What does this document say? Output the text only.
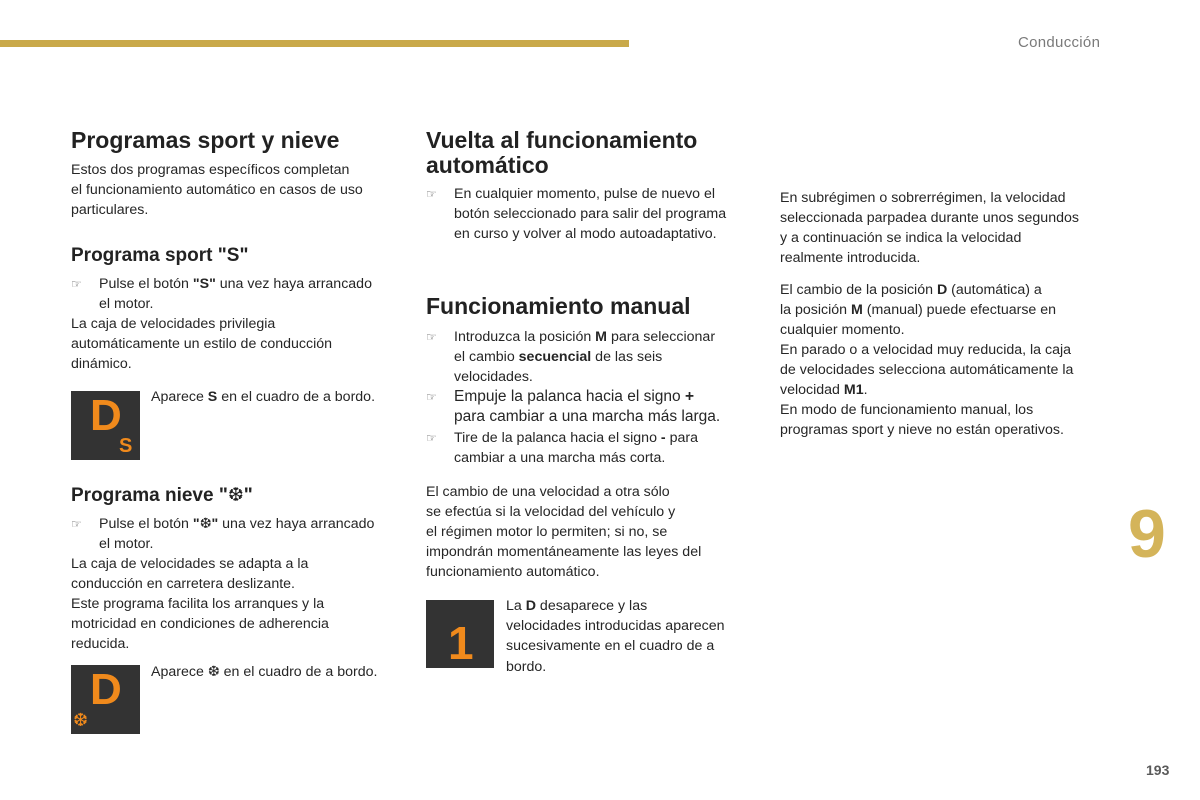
Conducción
9
193
Programas sport y nieve

Estos dos programas específicos completan

el funcionamiento automático en casos de uso

particulares.

Programa sport "S"
☞ Pulse el botón "S" una vez haya arrancado
el motor.

La caja de velocidades privilegia

automáticamente un estilo de conducción

dinámico.

D
S
Aparece S en el cuadro de a bordo.
Programa nieve "❆"
☞ Pulse el botón "❆" una vez haya arrancado
el motor.

La caja de velocidades se adapta a la

conducción en carretera deslizante.

Este programa facilita los arranques y la

motricidad en condiciones de adherencia

reducida.

D
❆
Aparece ❆ en el cuadro de a bordo.
Vuelta al funcionamiento
automático
☞ En cualquier momento, pulse de nuevo el
botón seleccionado para salir del programa
en curso y volver al modo autoadaptativo.
Funcionamiento manual
☞ Introduzca la posición M para seleccionar
el cambio secuencial de las seis
velocidades.
☞ Empuje la palanca hacia el signo +
para cambiar a una marcha más larga.
☞ Tire de la palanca hacia el signo - para
cambiar a una marcha más corta.

El cambio de una velocidad a otra sólo

se efectúa si la velocidad del vehículo y

el régimen motor lo permiten; si no, se

impondrán momentáneamente las leyes del

funcionamiento automático.

1
La D desaparece y las
velocidades introducidas aparecen
sucesivamente en el cuadro de a
bordo.

En subrégimen o sobrerrégimen, la velocidad

seleccionada parpadea durante unos segundos

y a continuación se indica la velocidad

realmente introducida.

El cambio de la posición D (automática) a

la posición M (manual) puede efectuarse en

cualquier momento.

En parado o a velocidad muy reducida, la caja

de velocidades selecciona automáticamente la

velocidad M1.

En modo de funcionamiento manual, los

programas sport y nieve no están operativos.
